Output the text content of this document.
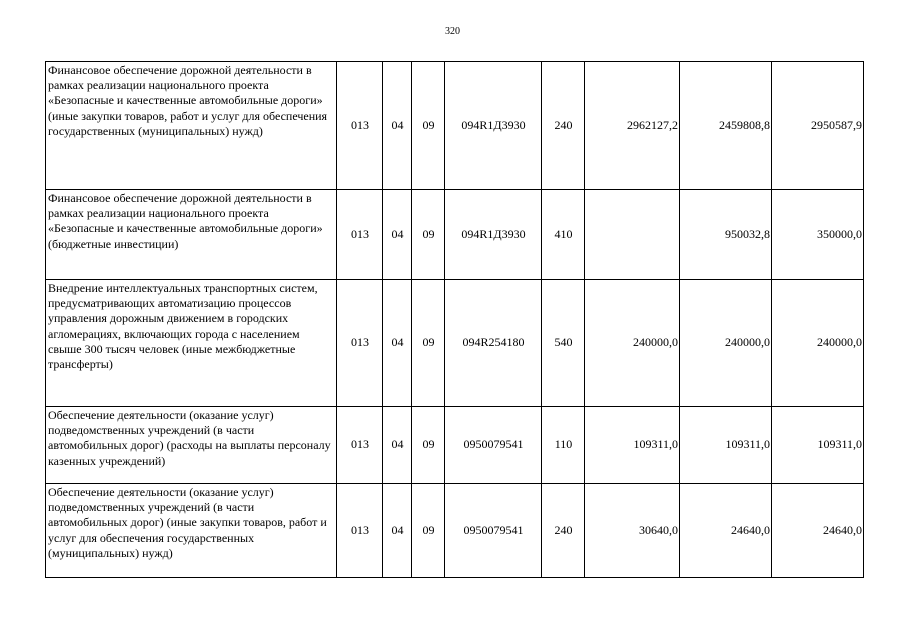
320
Финансовое обеспечение дорожной деятельности в рамках реализации национального проекта «Безопасные и качественные автомобильные дороги» (иные закупки товаров, работ и услуг для обеспечения государственных (муниципальных) нужд)	013	04	09	094R1Д3930	240	2962127,2	2459808,8	2950587,9
Финансовое обеспечение дорожной деятельности в рамках реализации национального проекта «Безопасные и качественные автомобильные дороги» (бюджетные инвестиции)	013	04	09	094R1Д3930	410		950032,8	350000,0
Внедрение интеллектуальных транспортных систем, предусматривающих автоматизацию процессов управления дорожным движением в городских агломерациях, включающих города с населением свыше 300 тысяч человек (иные межбюджетные трансферты)	013	04	09	094R254180	540	240000,0	240000,0	240000,0
Обеспечение деятельности (оказание услуг) подведомственных учреждений (в части автомобильных дорог) (расходы на выплаты персоналу казенных учреждений)	013	04	09	0950079541	110	109311,0	109311,0	109311,0
Обеспечение деятельности (оказание услуг) подведомственных учреждений (в части автомобильных дорог) (иные закупки товаров, работ и услуг для обеспечения государственных (муниципальных) нужд)	013	04	09	0950079541	240	30640,0	24640,0	24640,0
